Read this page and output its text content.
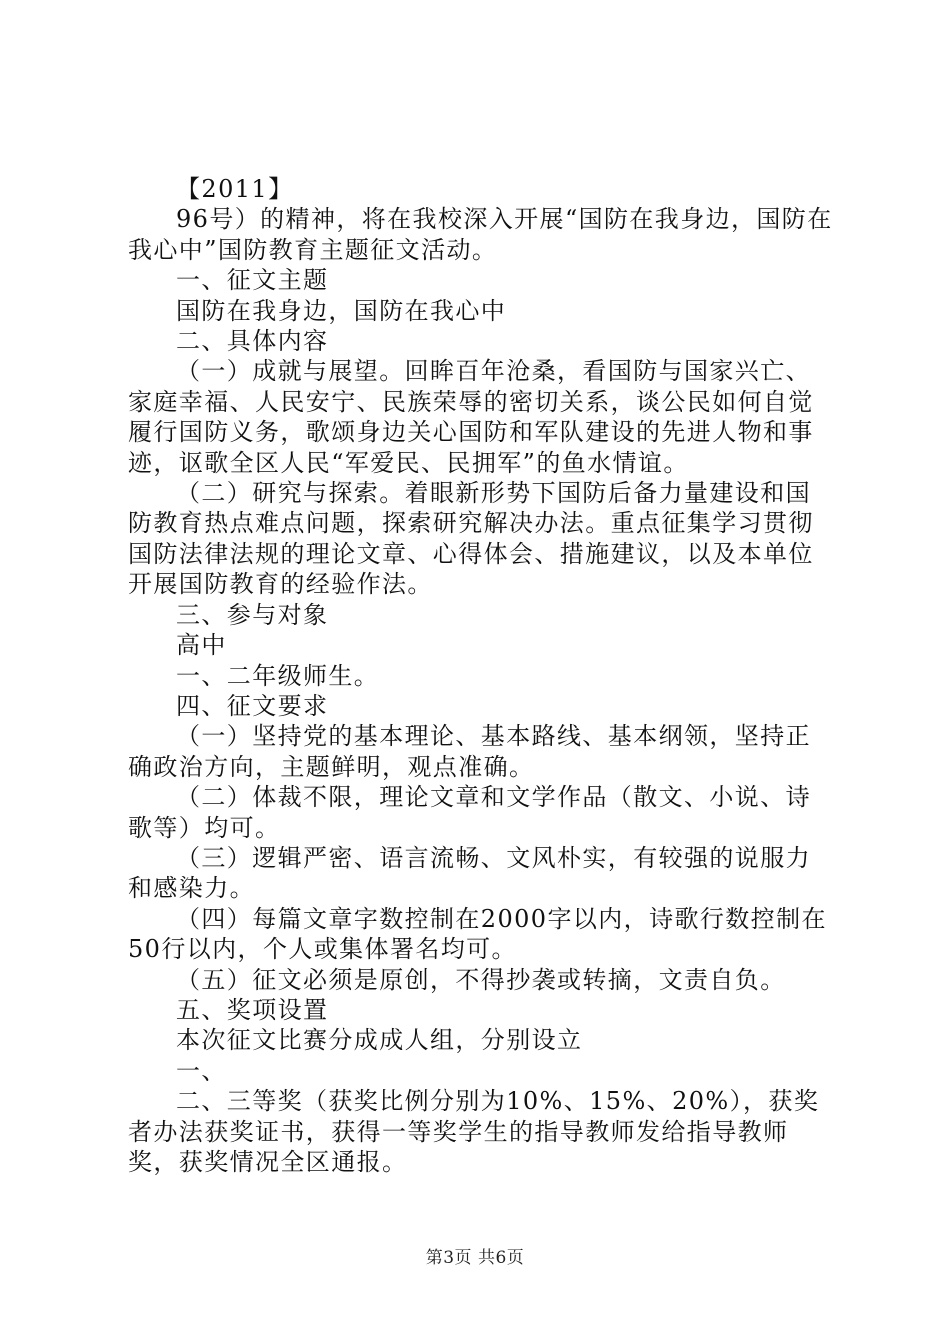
【2011】

96号）的精神，将在我校深入开展“国防在我身边，国防在我心中”国防教育主题征文活动。

一、征文主题

国防在我身边，国防在我心中

二、具体内容

（一）成就与展望。回眸百年沧桑，看国防与国家兴亡、家庭幸福、人民安宁、民族荣辱的密切关系，谈公民如何自觉履行国防义务，歌颂身边关心国防和军队建设的先进人物和事迹，讴歌全区人民“军爱民、民拥军”的鱼水情谊。

（二）研究与探索。着眼新形势下国防后备力量建设和国防教育热点难点问题，探索研究解决办法。重点征集学习贯彻国防法律法规的理论文章、心得体会、措施建议，以及本单位开展国防教育的经验作法。

三、参与对象

高中

一、二年级师生。

四、征文要求

（一）坚持党的基本理论、基本路线、基本纲领，坚持正确政治方向，主题鲜明，观点准确。

（二）体裁不限，理论文章和文学作品（散文、小说、诗歌等）均可。

（三）逻辑严密、语言流畅、文风朴实，有较强的说服力和感染力。

（四）每篇文章字数控制在2000字以内，诗歌行数控制在50行以内，个人或集体署名均可。

（五）征文必须是原创，不得抄袭或转摘，文责自负。

五、奖项设置

本次征文比赛分成成人组，分别设立

一、

二、三等奖（获奖比例分别为10%、15%、20%），获奖者办法获奖证书，获得一等奖学生的指导教师发给指导教师奖，获奖情况全区通报。

第3页 共6页
